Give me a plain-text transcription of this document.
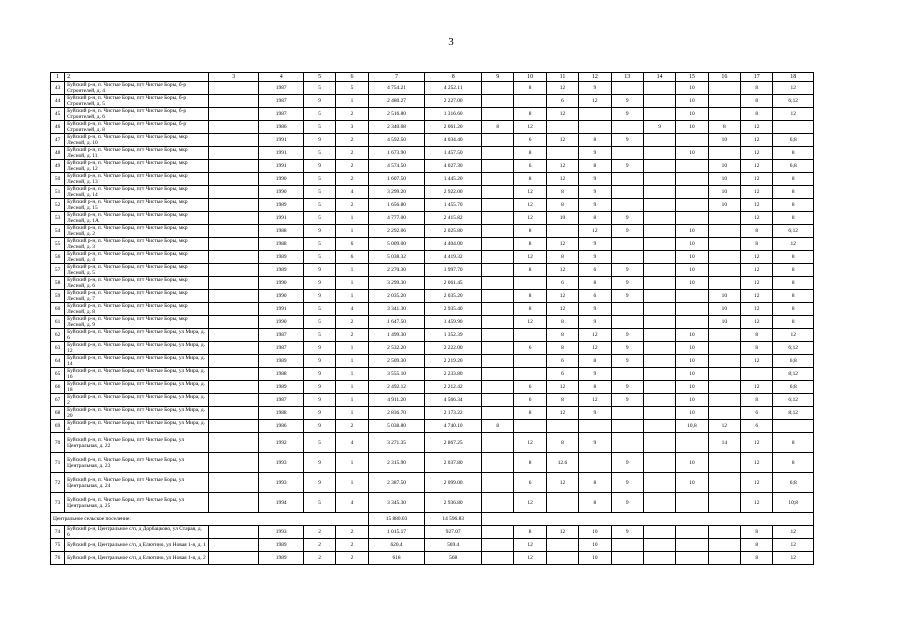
3
1	2	3	4	5	6	7	8	9	10	11	12	13	14	15	16	17	18
43	Буйский р-н, п. Чистые Боры, пгт Чистые Боры, б-р Строителей, д. 4		1987	5	5	4 754.21	4 252.11		8	12	9			10		8	12
44	Буйский р-н, п. Чистые Боры, пгт Чистые Боры, б-р Строителей, д. 5		1987	9	1	2 480.27	2 227.00			6	12	9		10		8	6;12
45	Буйский р-н, п. Чистые Боры, пгт Чистые Боры, б-р Строителей, д. 6		1987	5	2	2 516.80	1 316.60		8	12		9		10		8	12
46	Буйский р-н, п. Чистые Боры, пгт Чистые Боры, б-р Строителей, д. 8		1986	5	3	2 340.08	2 061.20	8	12				9	10	8	12	
47	Буйский р-н, п. Чистые Боры, пгт Чистые Боры, мкр Лесной, д. 10		1991	9	2	4 592.50	4 034.40		6	12	8	9			10	12	6;8
48	Буйский р-н, п. Чистые Боры, пгт Чистые Боры, мкр Лесной, д. 11		1991	5	2	1 673.90	1 457.50		8		9			10		12	8
49	Буйский р-н, п. Чистые Боры, пгт Чистые Боры, мкр Лесной, д. 12		1991	9	2	4 574.50	4 027.30		6	12	8	9			10	12	6;8
50	Буйский р-н, п. Чистые Боры, пгт Чистые Боры, мкр Лесной, д. 13		1990	5	2	1 607.50	1 445.20		8	12	9				10	12	8
51	Буйский р-н, п. Чистые Боры, пгт Чистые Боры, мкр Лесной, д. 14		1990	5	4	3 299.20	2 922.00		12	8	9				10	12	8
52	Буйский р-н, п. Чистые Боры, пгт Чистые Боры, мкр Лесной, д. 15		1989	5	2	1 656.80	1 455.70		12	8	9				10	12	8
53	Буйский р-н, п. Чистые Боры, пгт Чистые Боры, мкр Лесной, д. 1А		1991	5	1	4 777.00	2 415.82		12	10	8	9				12	8
54	Буйский р-н, п. Чистые Боры, пгт Чистые Боры, мкр Лесной, д. 2		1988	9	1	2 292.06	2 025.80		8		12	9		10		8	6;12
55	Буйский р-н, п. Чистые Боры, пгт Чистые Боры, мкр Лесной, д. 3		1988	5	6	5 009.00	4 404.00		8	12	9			10		8	12
56	Буйский р-н, п. Чистые Боры, пгт Чистые Боры, мкр Лесной, д. 4		1989	5	6	5 038.32	4 419.32		12	8	9			10		12	8
57	Буйский р-н, п. Чистые Боры, пгт Чистые Боры, мкр Лесной, д. 5		1989	9	1	2 270.30	1 997.70		8	12	6	9		10		12	8
58	Буйский р-н, п. Чистые Боры, пгт Чистые Боры, мкр Лесной, д. 6		1990	9	1	3 299.30	2 061.45			6	8	9		10		12	8
59	Буйский р-н, п. Чистые Боры, пгт Чистые Боры, мкр Лесной, д. 7		1990	9	1	2 035.20	2 035.20		8	12	6	9			10	12	8
60	Буйский р-н, п. Чистые Боры, пгт Чистые Боры, мкр Лесной, д. 8		1991	5	4	3 341.30	2 935.40		8	12	9				10	12	8
61	Буйский р-н, п. Чистые Боры, пгт Чистые Боры, мкр Лесной, д. 9		1990	5	2	1 647.50	1 459.90		12	8	9				10	12	8
62	Буйский р-н, п. Чистые Боры, пгт Чистые Боры, ул Мира, д. 6		1987	5	2	1 499.30	1 352.39			8	12	9		10		8	12
63	Буйский р-н, п. Чистые Боры, пгт Чистые Боры, ул Мира, д. 12		1987	9	1	2 532.20	2 222.00		6	8	12	9		10		8	6;12
64	Буйский р-н, п. Чистые Боры, пгт Чистые Боры, ул Мира, д. 14		1989	9	1	2 509.30	2 219.20			6	8	9		10		12	6;8
65	Буйский р-н, п. Чистые Боры, пгт Чистые Боры, ул Мира, д. 16		1988	9	1	3 555.10	2 233.80			6	9			10			8;12
66	Буйский р-н, п. Чистые Боры, пгт Чистые Боры, ул Мира, д. 18		1989	9	1	2 492.12	2 212.42		6	12	8	9		10		12	6;8
67	Буйский р-н, п. Чистые Боры, пгт Чистые Боры, ул Мира, д. 2		1987	9	1	4 911.20	4 566.34		6	8	12	9		10		8	6;12
68	Буйский р-н, п. Чистые Боры, пгт Чистые Боры, ул Мира, д. 20		1988	9	1	2 836.70	2 173.22		8	12	9			10		6	8;12
69	Буйский р-н, п. Чистые Боры, пгт Чистые Боры, ул Мира, д. 4		1986	9	2	5 038.80	4 740.10	8						10,8	12	6	
70	Буйский р-н, п. Чистые Боры, пгт Чистые Боры, ул Центральная, д. 22		1992	5	4	3 271.35	2 867.25		12	8	9				14	12	8
71	Буйский р-н, п. Чистые Боры, пгт Чистые Боры, ул Центральная, д. 23		1993	9	1	2 315.90	2 037.80		8	12.6		9		10		12	8
72	Буйский р-н, п. Чистые Боры, пгт Чистые Боры, ул Центральная, д. 24		1993	9	1	2 387.50	2 099.00		6	12	8	9		10		12	6;8
73	Буйский р-н, п. Чистые Боры, пгт Чистые Боры, ул Центральная, д. 25		1994	5	4	3 345.30	2 936.80		12		8	9				12	10;8
Центральное сельское поселение:						15 880.03	14 596.83										
74	Буйский р-н, Центральное с/п, д Дорбацково, ул Старая, д. 6		1993	2	2	1 015.17	927.07		8	12	10	9				8	12
75	Буйский р-н, Центральное с/п, д Елютино, ул Новая 1-я, д. 1		1989	2	2	620.4	569.4		12		10					8	12
76	Буйский р-н, Центральное с/п, д Елютино, ул Новая 1-я, д. 2		1989	2	2	618	568		12		10					8	12
